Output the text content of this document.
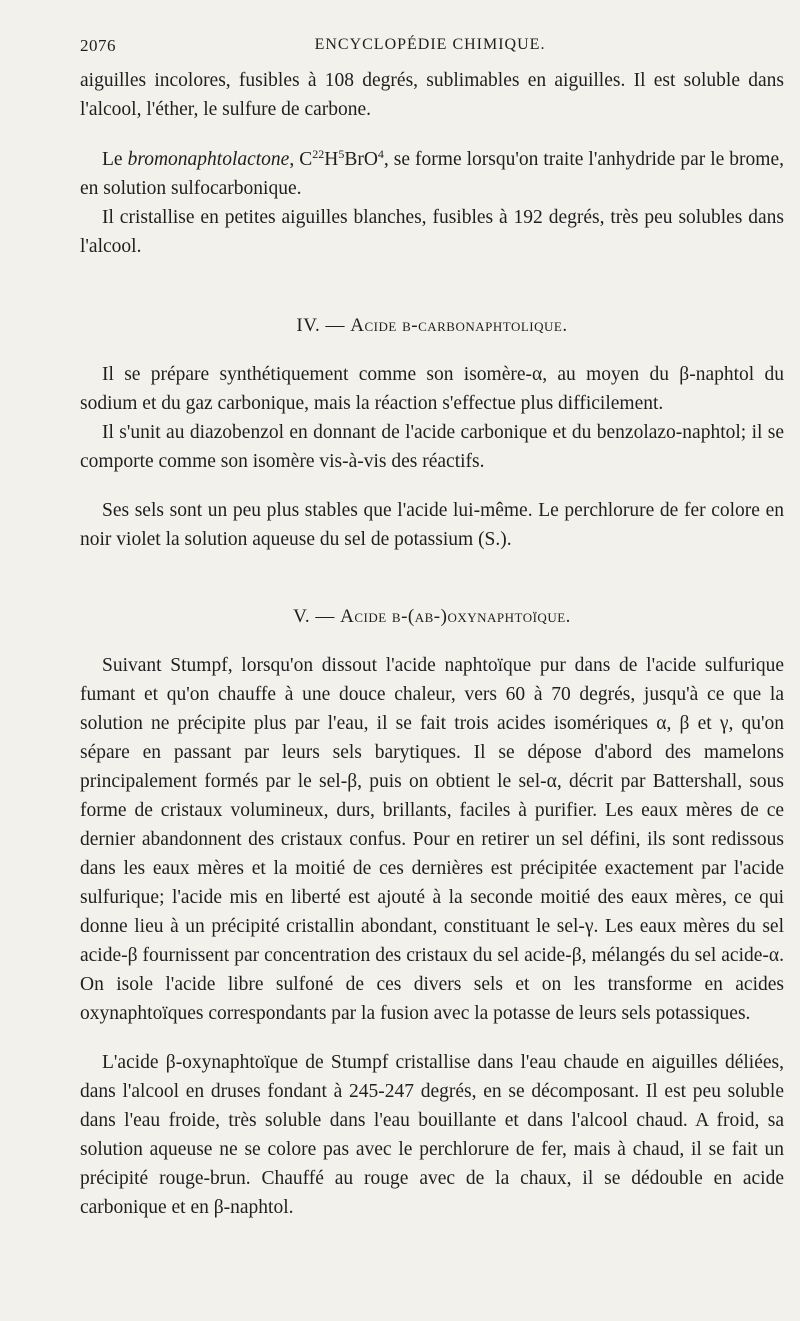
2076	ENCYCLOPÉDIE CHIMIQUE.

aiguilles incolores, fusibles à 108 degrés, sublimables en aiguilles. Il est soluble dans l'alcool, l'éther, le sulfure de carbone.

Le bromonaphtolactone, $C^{22}H^5BrO^4$, se forme lorsqu'on traite l'anhydride par le brome, en solution sulfocarbonique.

Il cristallise en petites aiguilles blanches, fusibles à 192 degrés, très peu solubles dans l'alcool.

IV. — Acide β-carbonaphtolique.

Il se prépare synthétiquement comme son isomère-α, au moyen du β-naphtol du sodium et du gaz carbonique, mais la réaction s'effectue plus difficilement.

Il s'unit au diazobenzol en donnant de l'acide carbonique et du benzolazo-naphtol; il se comporte comme son isomère vis-à-vis des réactifs.

Ses sels sont un peu plus stables que l'acide lui-même. Le perchlorure de fer colore en noir violet la solution aqueuse du sel de potassium (S.).

V. — Acide β-(αβ-)oxynaphtoïque.

Suivant Stumpf, lorsqu'on dissout l'acide naphtoïque pur dans de l'acide sulfurique fumant et qu'on chauffe à une douce chaleur, vers 60 à 70 degrés, jusqu'à ce que la solution ne précipite plus par l'eau, il se fait trois acides isomériques α, β et γ, qu'on sépare en passant par leurs sels barytiques. Il se dépose d'abord des mamelons principalement formés par le sel-β, puis on obtient le sel-α, décrit par Battershall, sous forme de cristaux volumineux, durs, brillants, faciles à purifier. Les eaux mères de ce dernier abandonnent des cristaux confus. Pour en retirer un sel défini, ils sont redissous dans les eaux mères et la moitié de ces dernières est précipitée exactement par l'acide sulfurique; l'acide mis en liberté est ajouté à la seconde moitié des eaux mères, ce qui donne lieu à un précipité cristallin abondant, constituant le sel-γ. Les eaux mères du sel acide-β fournissent par concentration des cristaux du sel acide-β, mélangés du sel acide-α. On isole l'acide libre sulfoné de ces divers sels et on les transforme en acides oxynaphtoïques correspondants par la fusion avec la potasse de leurs sels potassiques.

L'acide β-oxynaphtoïque de Stumpf cristallise dans l'eau chaude en aiguilles déliées, dans l'alcool en druses fondant à 245-247 degrés, en se décomposant. Il est peu soluble dans l'eau froide, très soluble dans l'eau bouillante et dans l'alcool chaud. A froid, sa solution aqueuse ne se colore pas avec le perchlorure de fer, mais à chaud, il se fait un précipité rouge-brun. Chauffé au rouge avec de la chaux, il se dédouble en acide carbonique et en β-naphtol.
